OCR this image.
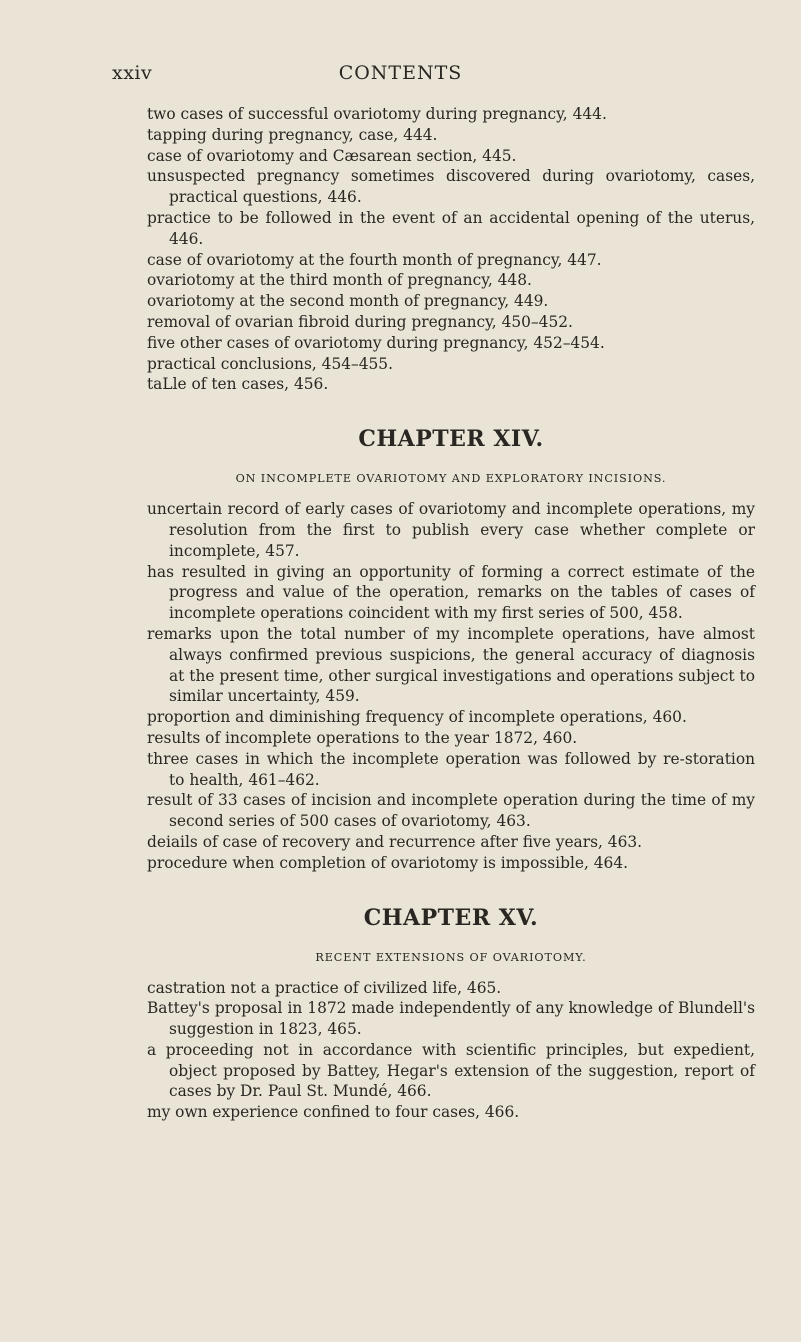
xxiv	CONTENTS
two cases of successful ovariotomy during pregnancy, 444.
tapping during pregnancy, case, 444.
case of ovariotomy and Cæsarean section, 445.
unsuspected pregnancy sometimes discovered during ovariotomy, cases, practical questions, 446.
practice to be followed in the event of an accidental opening of the uterus, 446.
case of ovariotomy at the fourth month of pregnancy, 447.
ovariotomy at the third month of pregnancy, 448.
ovariotomy at the second month of pregnancy, 449.
removal of ovarian fibroid during pregnancy, 450–452.
five other cases of ovariotomy during pregnancy, 452–454.
practical conclusions, 454–455.
taLle of ten cases, 456.
CHAPTER XIV.

ON INCOMPLETE OVARIOTOMY AND EXPLORATORY INCISIONS.

uncertain record of early cases of ovariotomy and incomplete operations, my resolution from the first to publish every case whether complete or incomplete, 457.
has resulted in giving an opportunity of forming a correct estimate of the progress and value of the operation, remarks on the tables of cases of incomplete operations coincident with my first series of 500, 458.
remarks upon the total number of my incomplete operations, have almost always confirmed previous suspicions, the general accuracy of diagnosis at the present time, other surgical investigations and operations subject to similar uncertainty, 459.
proportion and diminishing frequency of incomplete operations, 460.
results of incomplete operations to the year 1872, 460.
three cases in which the incomplete operation was followed by re-storation to health, 461–462.
result of 33 cases of incision and incomplete operation during the time of my second series of 500 cases of ovariotomy, 463.
deiails of case of recovery and recurrence after five years, 463.
procedure when completion of ovariotomy is impossible, 464.
CHAPTER XV.

RECENT EXTENSIONS OF OVARIOTOMY.

castration not a practice of civilized life, 465.
Battey's proposal in 1872 made independently of any knowledge of Blundell's suggestion in 1823, 465.
a proceeding not in accordance with scientific principles, but expedient, object proposed by Battey, Hegar's extension of the suggestion, report of cases by Dr. Paul St. Mundé, 466.
my own experience confined to four cases, 466.
